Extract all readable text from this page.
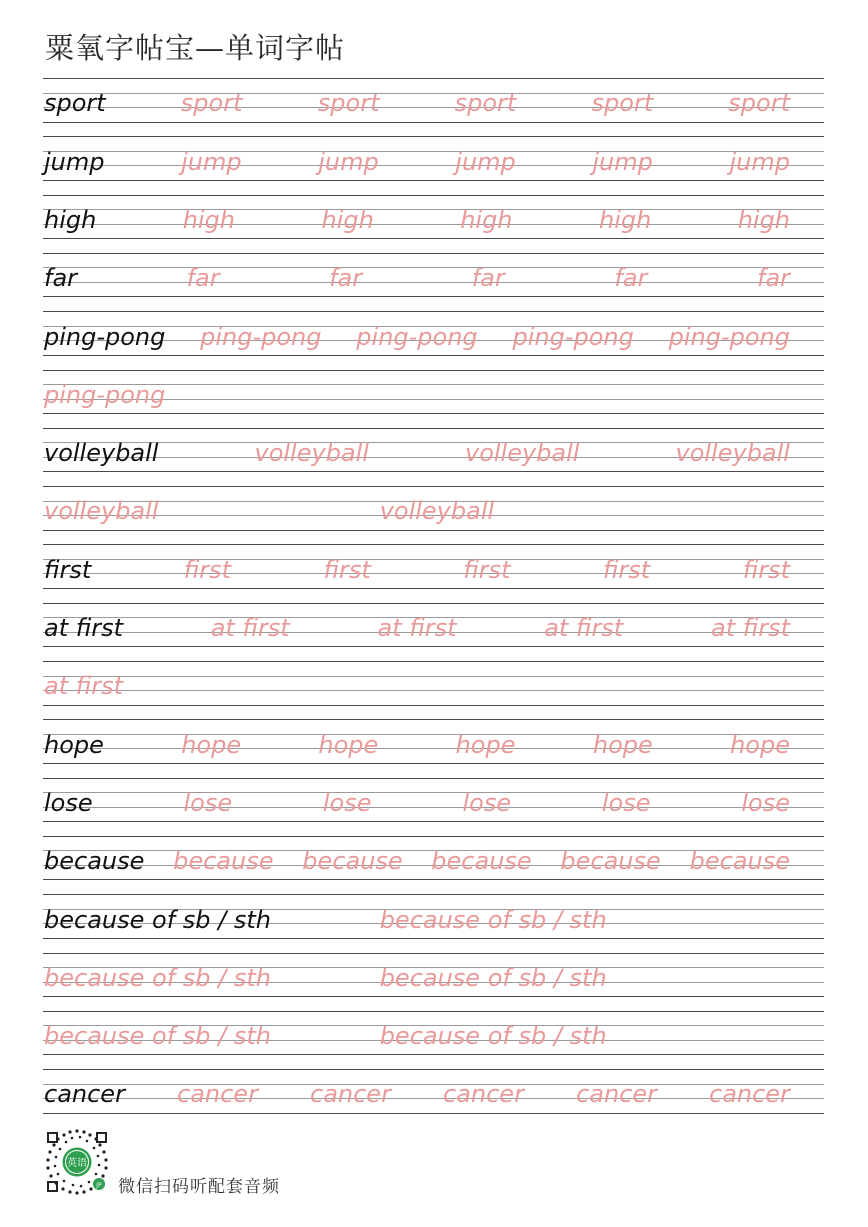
粟氧字帖宝—单词字帖
sport	sport	sport	sport	sport	sport
jump	jump	jump	jump	jump	jump
high	high	high	high	high	high
far	far	far	far	far	far
ping-pong ping-pong ping-pong ping-pong ping-pong
ping-pong
volleyball	volleyball	volleyball	volleyball
volleyball	volleyball
first	first	first	first	first	first
at first	at first	at first	at first	at first
at first
hope	hope	hope	hope	hope	hope
lose	lose	lose	lose	lose	lose
because because because because because because
because of sb / sth	because of sb / sth
because of sb / sth	because of sb / sth
because of sb / sth	because of sb / sth
cancer cancer cancer cancer cancer cancer
英语
JP 微信扫码听配套音频
